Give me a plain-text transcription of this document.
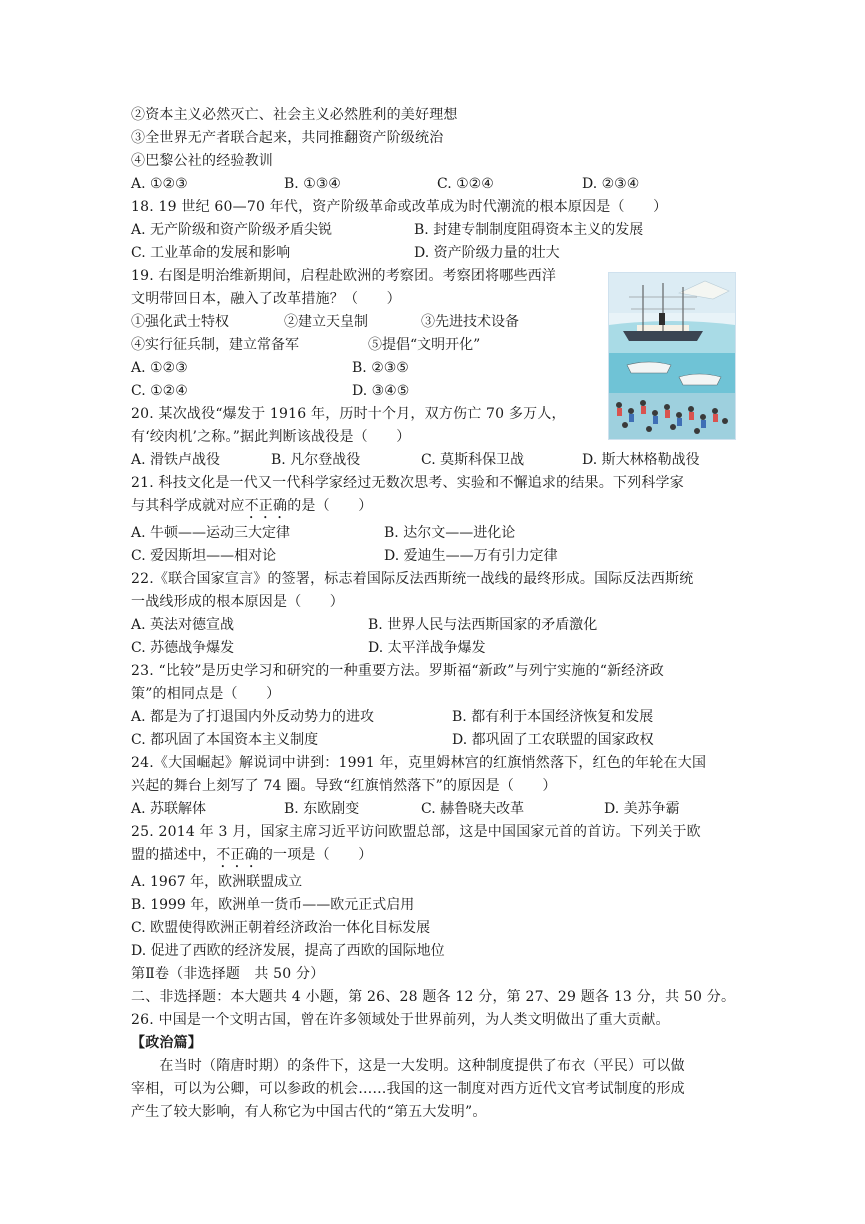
②资本主义必然灭亡、社会主义必然胜利的美好理想
③全世界无产者联合起来，共同推翻资产阶级统治
④巴黎公社的经验教训
A. ①②③	B. ①③④	C. ①②④	D. ②③④
18. 19 世纪 60—70 年代，资产阶级革命或改革成为时代潮流的根本原因是（　　）
A. 无产阶级和资产阶级矛盾尖锐	B. 封建专制制度阻碍资本主义的发展
C. 工业革命的发展和影响	D. 资产阶级力量的壮大
19. 右图是明治维新期间，启程赴欧洲的考察团。考察团将哪些西洋
文明带回日本，融入了改革措施？（　　）
①强化武士特权	②建立天皇制	③先进技术设备
④实行征兵制，建立常备军	⑤提倡“文明开化”
A. ①②③	B. ②③⑤
C. ①②④	D. ③④⑤
20. 某次战役“爆发于 1916 年，历时十个月，双方伤亡 70 多万人，
有‘绞肉机’之称。”据此判断该战役是（　　）
A. 滑铁卢战役	B. 凡尔登战役	C. 莫斯科保卫战	D. 斯大林格勒战役
21. 科技文化是一代又一代科学家经过无数次思考、实验和不懈追求的结果。下列科学家
与其科学成就对应不正确的是（　　）
A. 牛顿——运动三大定律	B. 达尔文——进化论
C. 爱因斯坦——相对论	D. 爱迪生——万有引力定律
22.《联合国家宣言》的签署，标志着国际反法西斯统一战线的最终形成。国际反法西斯统
一战线形成的根本原因是（　　）
A. 英法对德宣战	B. 世界人民与法西斯国家的矛盾激化
C. 苏德战争爆发	D. 太平洋战争爆发
23. “比较”是历史学习和研究的一种重要方法。罗斯福“新政”与列宁实施的“新经济政
策”的相同点是（　　）
A. 都是为了打退国内外反动势力的进攻	B. 都有利于本国经济恢复和发展
C. 都巩固了本国资本主义制度	D. 都巩固了工农联盟的国家政权
24.《大国崛起》解说词中讲到：1991 年，克里姆林宫的红旗悄然落下，红色的年轮在大国
兴起的舞台上刻写了 74 圈。导致“红旗悄然落下”的原因是（　　）
A. 苏联解体	B. 东欧剧变	C. 赫鲁晓夫改革	D. 美苏争霸
25. 2014 年 3 月，国家主席习近平访问欧盟总部，这是中国国家元首的首访。下列关于欧
盟的描述中，不正确的一项是（　　）
A. 1967 年，欧洲联盟成立
B. 1999 年，欧洲单一货币——欧元正式启用
C. 欧盟使得欧洲正朝着经济政治一体化目标发展
D. 促进了西欧的经济发展，提高了西欧的国际地位
第Ⅱ卷（非选择题　共 50 分）
二、非选择题：本大题共 4 小题，第 26、28 题各 12 分，第 27、29 题各 13 分，共 50 分。
26. 中国是一个文明古国，曾在许多领域处于世界前列，为人类文明做出了重大贡献。
【政治篇】
　　在当时（隋唐时期）的条件下，这是一大发明。这种制度提供了布衣（平民）可以做
宰相，可以为公卿，可以参政的机会……我国的这一制度对西方近代文官考试制度的形成
产生了较大影响，有人称它为中国古代的“第五大发明”。
